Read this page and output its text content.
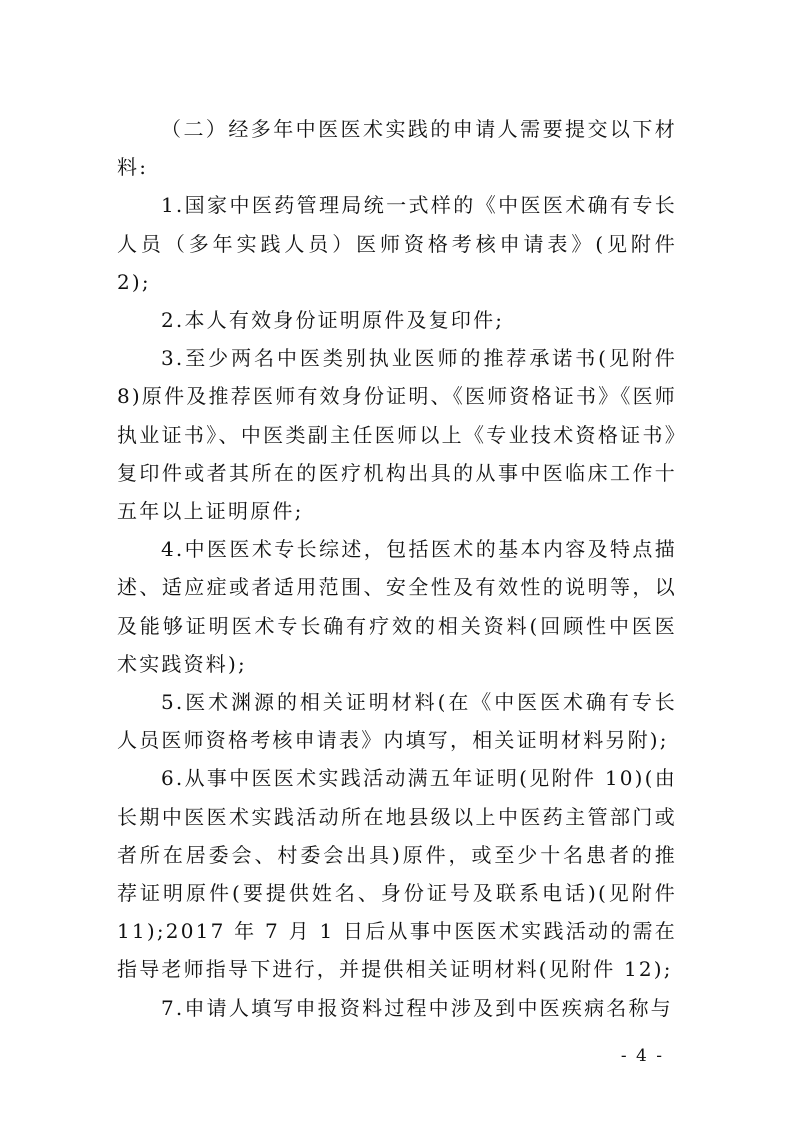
（二）经多年中医医术实践的申请人需要提交以下材料:

1.国家中医药管理局统一式样的《中医医术确有专长人员（多年实践人员）医师资格考核申请表》(见附件 2);

2.本人有效身份证明原件及复印件;

3.至少两名中医类别执业医师的推荐承诺书(见附件 8)原件及推荐医师有效身份证明、《医师资格证书》《医师执业证书》、中医类副主任医师以上《专业技术资格证书》复印件或者其所在的医疗机构出具的从事中医临床工作十五年以上证明原件;

4.中医医术专长综述，包括医术的基本内容及特点描述、适应症或者适用范围、安全性及有效性的说明等，以及能够证明医术专长确有疗效的相关资料(回顾性中医医术实践资料);

5.医术渊源的相关证明材料(在《中医医术确有专长人员医师资格考核申请表》内填写，相关证明材料另附);

6.从事中医医术实践活动满五年证明(见附件 10)(由长期中医医术实践活动所在地县级以上中医药主管部门或者所在居委会、村委会出具)原件，或至少十名患者的推荐证明原件(要提供姓名、身份证号及联系电话)(见附件 11);2017 年 7 月 1 日后从事中医医术实践活动的需在指导老师指导下进行，并提供相关证明材料(见附件 12);

7.申请人填写申报资料过程中涉及到中医疾病名称与

- 4 -
